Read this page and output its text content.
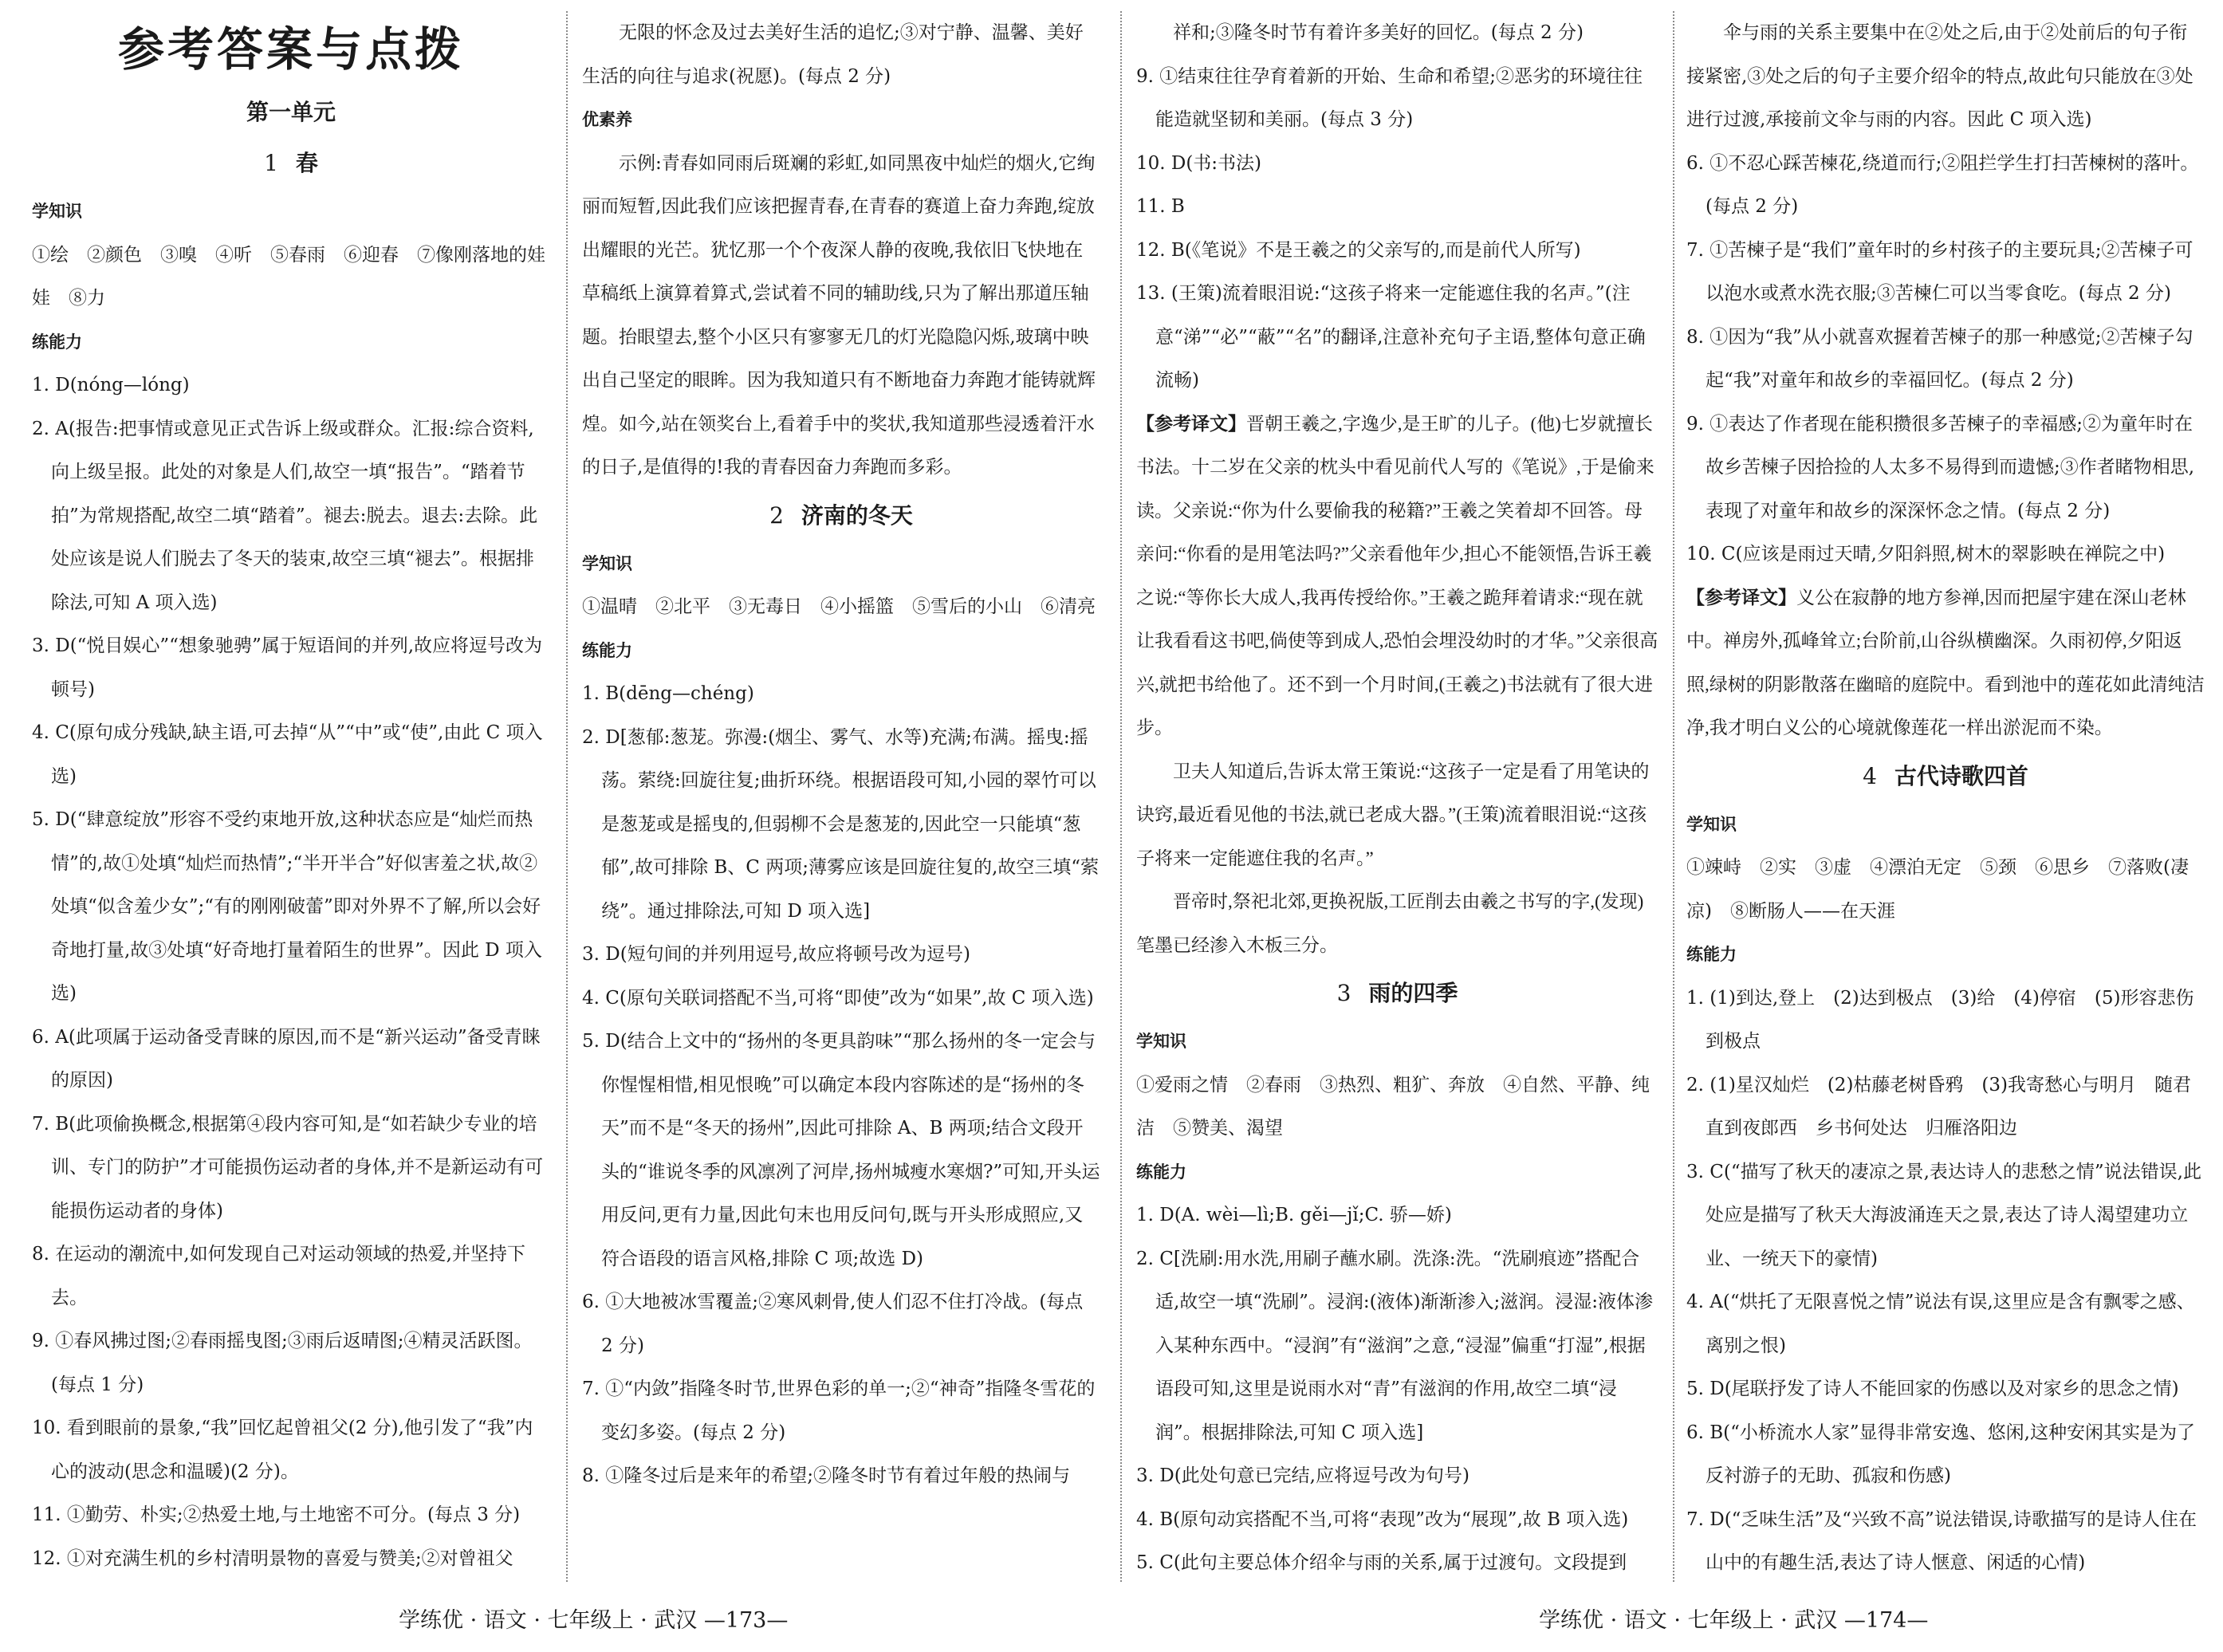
参考答案与点拨

第一单元

1 春

学知识

①绘　②颜色　③嗅　④听　⑤春雨　⑥迎春　⑦像刚落地的娃娃　⑧力

练能力

1. D(nóng—lóng)

2. A(报告:把事情或意见正式告诉上级或群众。汇报:综合资料,向上级呈报。此处的对象是人们,故空一填“报告”。“踏着节拍”为常规搭配,故空二填“踏着”。褪去:脱去。退去:去除。此处应该是说人们脱去了冬天的装束,故空三填“褪去”。根据排除法,可知 A 项入选)

3. D(“悦目娱心”“想象驰骋”属于短语间的并列,故应将逗号改为顿号)

4. C(原句成分残缺,缺主语,可去掉“从”“中”或“使”,由此 C 项入选)

5. D(“肆意绽放”形容不受约束地开放,这种状态应是“灿烂而热情”的,故①处填“灿烂而热情”;“半开半合”好似害羞之状,故②处填“似含羞少女”;“有的刚刚破蕾”即对外界不了解,所以会好奇地打量,故③处填“好奇地打量着陌生的世界”。因此 D 项入选)

6. A(此项属于运动备受青睐的原因,而不是“新兴运动”备受青睐的原因)

7. B(此项偷换概念,根据第④段内容可知,是“如若缺少专业的培训、专门的防护”才可能损伤运动者的身体,并不是新运动有可能损伤运动者的身体)

8. 在运动的潮流中,如何发现自己对运动领域的热爱,并坚持下去。

9. ①春风拂过图;②春雨摇曳图;③雨后返晴图;④精灵活跃图。(每点 1 分)

10. 看到眼前的景象,“我”回忆起曾祖父(2 分),他引发了“我”内心的波动(思念和温暖)(2 分)。

11. ①勤劳、朴实;②热爱土地,与土地密不可分。(每点 3 分)

12. ①对充满生机的乡村清明景物的喜爱与赞美;②对曾祖父

无限的怀念及过去美好生活的追忆;③对宁静、温馨、美好生活的向往与追求(祝愿)。(每点 2 分)

优素养

示例:青春如同雨后斑斓的彩虹,如同黑夜中灿烂的烟火,它绚丽而短暂,因此我们应该把握青春,在青春的赛道上奋力奔跑,绽放出耀眼的光芒。犹忆那一个个夜深人静的夜晚,我依旧飞快地在草稿纸上演算着算式,尝试着不同的辅助线,只为了解出那道压轴题。抬眼望去,整个小区只有寥寥无几的灯光隐隐闪烁,玻璃中映出自己坚定的眼眸。因为我知道只有不断地奋力奔跑才能铸就辉煌。如今,站在领奖台上,看着手中的奖状,我知道那些浸透着汗水的日子,是值得的!我的青春因奋力奔跑而多彩。

2 济南的冬天

学知识

①温晴　②北平　③无毒日　④小摇篮　⑤雪后的小山　⑥清亮

练能力

1. B(dēng—chéng)

2. D[葱郁:葱茏。弥漫:(烟尘、雾气、水等)充满;布满。摇曳:摇荡。萦绕:回旋往复;曲折环绕。根据语段可知,小园的翠竹可以是葱茏或是摇曳的,但弱柳不会是葱茏的,因此空一只能填“葱郁”,故可排除 B、C 两项;薄雾应该是回旋往复的,故空三填“萦绕”。通过排除法,可知 D 项入选]

3. D(短句间的并列用逗号,故应将顿号改为逗号)

4. C(原句关联词搭配不当,可将“即使”改为“如果”,故 C 项入选)

5. D(结合上文中的“扬州的冬更具韵味”“那么扬州的冬一定会与你惺惺相惜,相见恨晚”可以确定本段内容陈述的是“扬州的冬天”而不是“冬天的扬州”,因此可排除 A、B 两项;结合文段开头的“谁说冬季的风凛冽了河岸,扬州城瘦水寒烟?”可知,开头运用反问,更有力量,因此句末也用反问句,既与开头形成照应,又符合语段的语言风格,排除 C 项;故选 D)

6. ①大地被冰雪覆盖;②寒风刺骨,使人们忍不住打冷战。(每点 2 分)

7. ①“内敛”指隆冬时节,世界色彩的单一;②“神奇”指隆冬雪花的变幻多姿。(每点 2 分)

8. ①隆冬过后是来年的希望;②隆冬时节有着过年般的热闹与

祥和;③隆冬时节有着许多美好的回忆。(每点 2 分)

9. ①结束往往孕育着新的开始、生命和希望;②恶劣的环境往往能造就坚韧和美丽。(每点 3 分)

10. D(书:书法)

11. B

12. B(《笔说》不是王羲之的父亲写的,而是前代人所写)

13. (王策)流着眼泪说:“这孩子将来一定能遮住我的名声。”(注意“涕”“必”“蔽”“名”的翻译,注意补充句子主语,整体句意正确流畅)

【参考译文】晋朝王羲之,字逸少,是王旷的儿子。(他)七岁就擅长书法。十二岁在父亲的枕头中看见前代人写的《笔说》,于是偷来读。父亲说:“你为什么要偷我的秘籍?”王羲之笑着却不回答。母亲问:“你看的是用笔法吗?”父亲看他年少,担心不能领悟,告诉王羲之说:“等你长大成人,我再传授给你。”王羲之跪拜着请求:“现在就让我看看这书吧,倘使等到成人,恐怕会埋没幼时的才华。”父亲很高兴,就把书给他了。还不到一个月时间,(王羲之)书法就有了很大进步。

卫夫人知道后,告诉太常王策说:“这孩子一定是看了用笔诀的诀窍,最近看见他的书法,就已老成大器。”(王策)流着眼泪说:“这孩子将来一定能遮住我的名声。”

晋帝时,祭祀北郊,更换祝版,工匠削去由羲之书写的字,(发现)笔墨已经渗入木板三分。

3 雨的四季

学知识

①爱雨之情　②春雨　③热烈、粗犷、奔放　④自然、平静、纯洁　⑤赞美、渴望

练能力

1. D(A. wèi—lì;B. gěi—jǐ;C. 骄—娇)

2. C[洗刷:用水洗,用刷子蘸水刷。洗涤:洗。“洗刷痕迹”搭配合适,故空一填“洗刷”。浸润:(液体)渐渐渗入;滋润。浸湿:液体渗入某种东西中。“浸润”有“滋润”之意,“浸湿”偏重“打湿”,根据语段可知,这里是说雨水对“青”有滋润的作用,故空二填“浸润”。根据排除法,可知 C 项入选]

3. D(此处句意已完结,应将逗号改为句号)

4. B(原句动宾搭配不当,可将“表现”改为“展现”,故 B 项入选)

5. C(此句主要总体介绍伞与雨的关系,属于过渡句。文段提到

伞与雨的关系主要集中在②处之后,由于②处前后的句子衔接紧密,③处之后的句子主要介绍伞的特点,故此句只能放在③处进行过渡,承接前文伞与雨的内容。因此 C 项入选)

6. ①不忍心踩苦楝花,绕道而行;②阻拦学生打扫苦楝树的落叶。(每点 2 分)

7. ①苦楝子是“我们”童年时的乡村孩子的主要玩具;②苦楝子可以泡水或煮水洗衣服;③苦楝仁可以当零食吃。(每点 2 分)

8. ①因为“我”从小就喜欢握着苦楝子的那一种感觉;②苦楝子勾起“我”对童年和故乡的幸福回忆。(每点 2 分)

9. ①表达了作者现在能积攒很多苦楝子的幸福感;②为童年时在故乡苦楝子因拾捡的人太多不易得到而遗憾;③作者睹物相思,表现了对童年和故乡的深深怀念之情。(每点 2 分)

10. C(应该是雨过天晴,夕阳斜照,树木的翠影映在禅院之中)

【参考译文】义公在寂静的地方参禅,因而把屋宇建在深山老林中。禅房外,孤峰耸立;台阶前,山谷纵横幽深。久雨初停,夕阳返照,绿树的阴影散落在幽暗的庭院中。看到池中的莲花如此清纯洁净,我才明白义公的心境就像莲花一样出淤泥而不染。

4 古代诗歌四首

学知识

①竦峙　②实　③虚　④漂泊无定　⑤颈　⑥思乡　⑦落败(凄凉)　⑧断肠人——在天涯

练能力

1. (1)到达,登上　(2)达到极点　(3)给　(4)停宿　(5)形容悲伤到极点

2. (1)星汉灿烂　(2)枯藤老树昏鸦　(3)我寄愁心与明月　随君直到夜郎西　乡书何处达　归雁洛阳边

3. C(“描写了秋天的凄凉之景,表达诗人的悲愁之情”说法错误,此处应是描写了秋天大海波涌连天之景,表达了诗人渴望建功立业、一统天下的豪情)

4. A(“烘托了无限喜悦之情”说法有误,这里应是含有飘零之感、离别之恨)

5. D(尾联抒发了诗人不能回家的伤感以及对家乡的思念之情)

6. B(“小桥流水人家”显得非常安逸、悠闲,这种安闲其实是为了反衬游子的无助、孤寂和伤感)

7. D(“乏味生活”及“兴致不高”说法错误,诗歌描写的是诗人住在山中的有趣生活,表达了诗人惬意、闲适的心情)

学练优 · 语文 · 七年级上 · 武汉 —173—	学练优 · 语文 · 七年级上 · 武汉 —174—
